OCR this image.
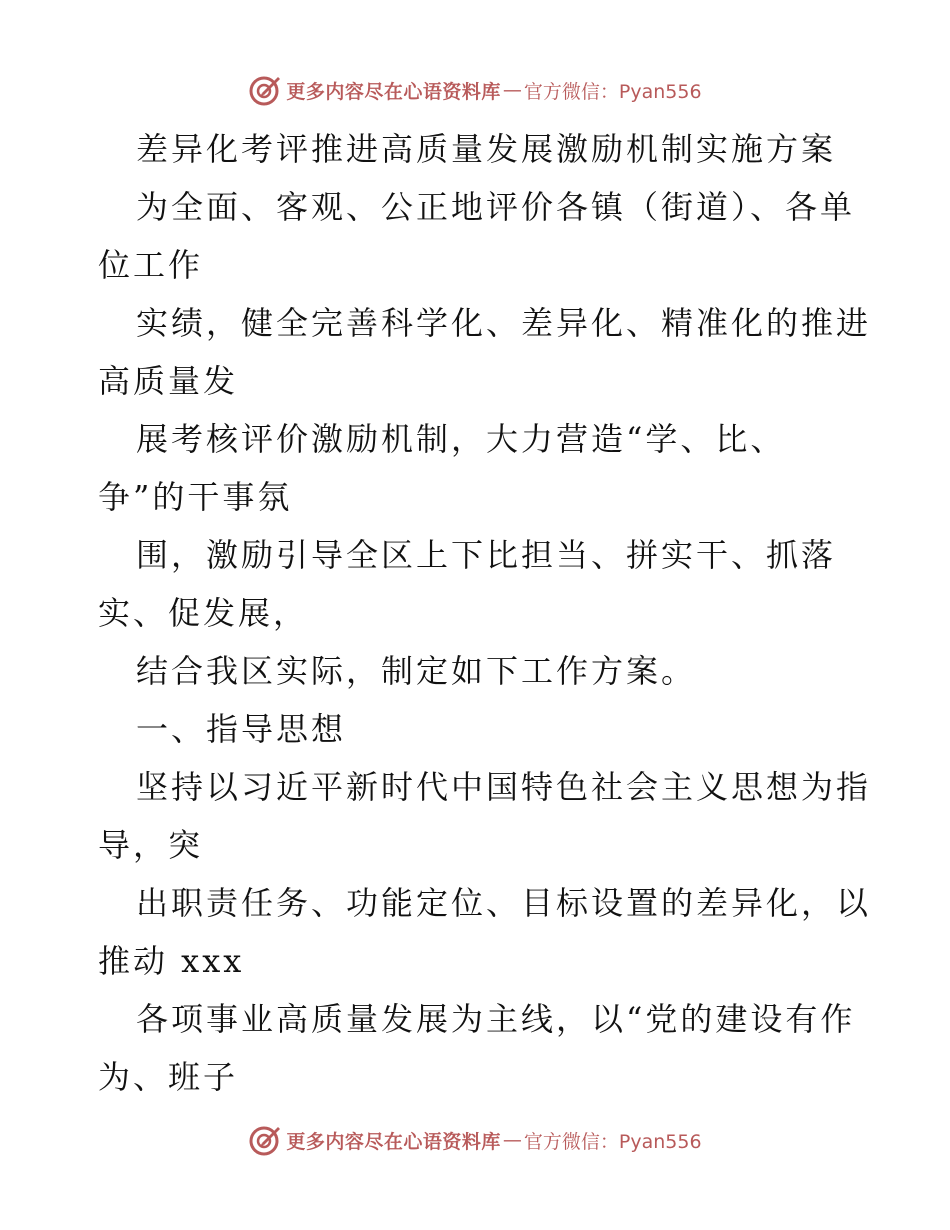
更多内容尽在心语资料库 — 官方微信：Pyan556
差异化考评推进高质量发展激励机制实施方案
为全面、客观、公正地评价各镇（街道）、各单
位工作
实绩，健全完善科学化、差异化、精准化的推进
高质量发
展考核评价激励机制，大力营造“学、比、
争”的干事氛
围，激励引导全区上下比担当、拼实干、抓落
实、促发展，
结合我区实际，制定如下工作方案。
一、指导思想
坚持以习近平新时代中国特色社会主义思想为指
导，突
出职责任务、功能定位、目标设置的差异化，以
推动 xxx
各项事业高质量发展为主线，以“党的建设有作
为、班子
更多内容尽在心语资料库 — 官方微信：Pyan556
